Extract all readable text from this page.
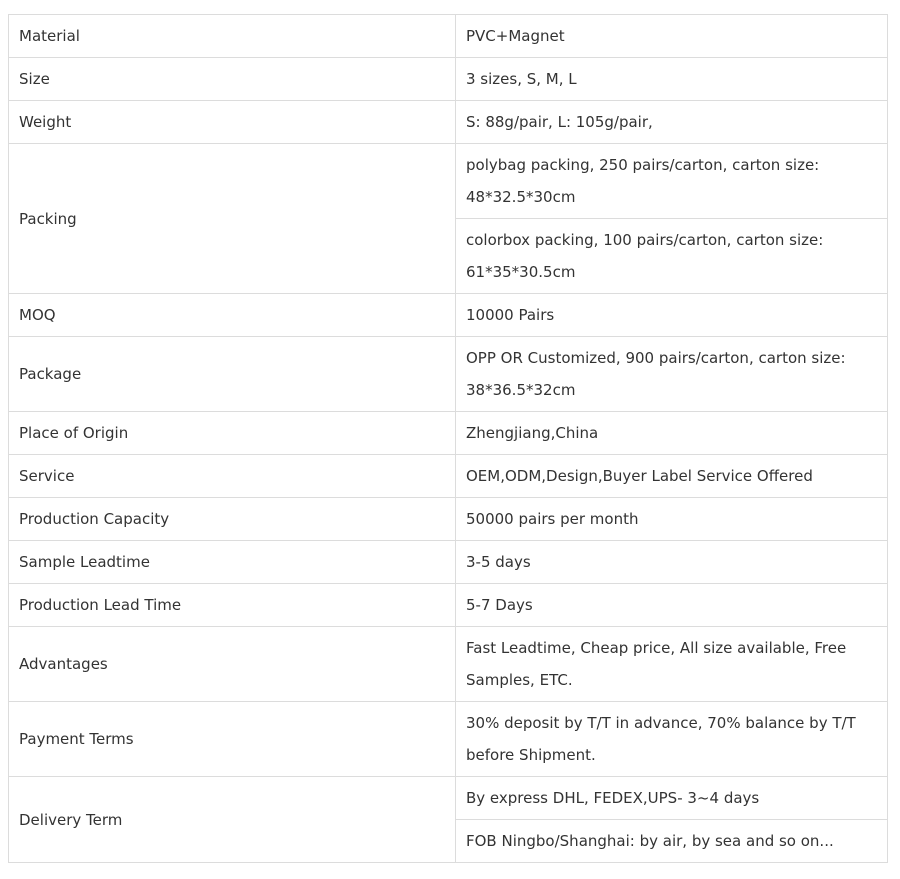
Material	PVC+Magnet
Size	3 sizes, S, M, L
Weight	S: 88g/pair, L: 105g/pair,
Packing	polybag packing, 250 pairs/carton, carton size: 48*32.5*30cm
	colorbox packing, 100 pairs/carton, carton size: 61*35*30.5cm
MOQ	10000 Pairs
Package	OPP OR Customized, 900 pairs/carton, carton size: 38*36.5*32cm
Place of Origin	Zhengjiang,China
Service	OEM,ODM,Design,Buyer Label Service Offered
Production Capacity	50000 pairs per month
Sample Leadtime	3-5 days
Production Lead Time	5-7 Days
Advantages	Fast Leadtime, Cheap price, All size available, Free Samples, ETC.
Payment Terms	30% deposit by T/T in advance, 70% balance by T/T before Shipment.
Delivery Term	By express DHL, FEDEX,UPS- 3~4 days
	FOB Ningbo/Shanghai: by air, by sea and so on...
